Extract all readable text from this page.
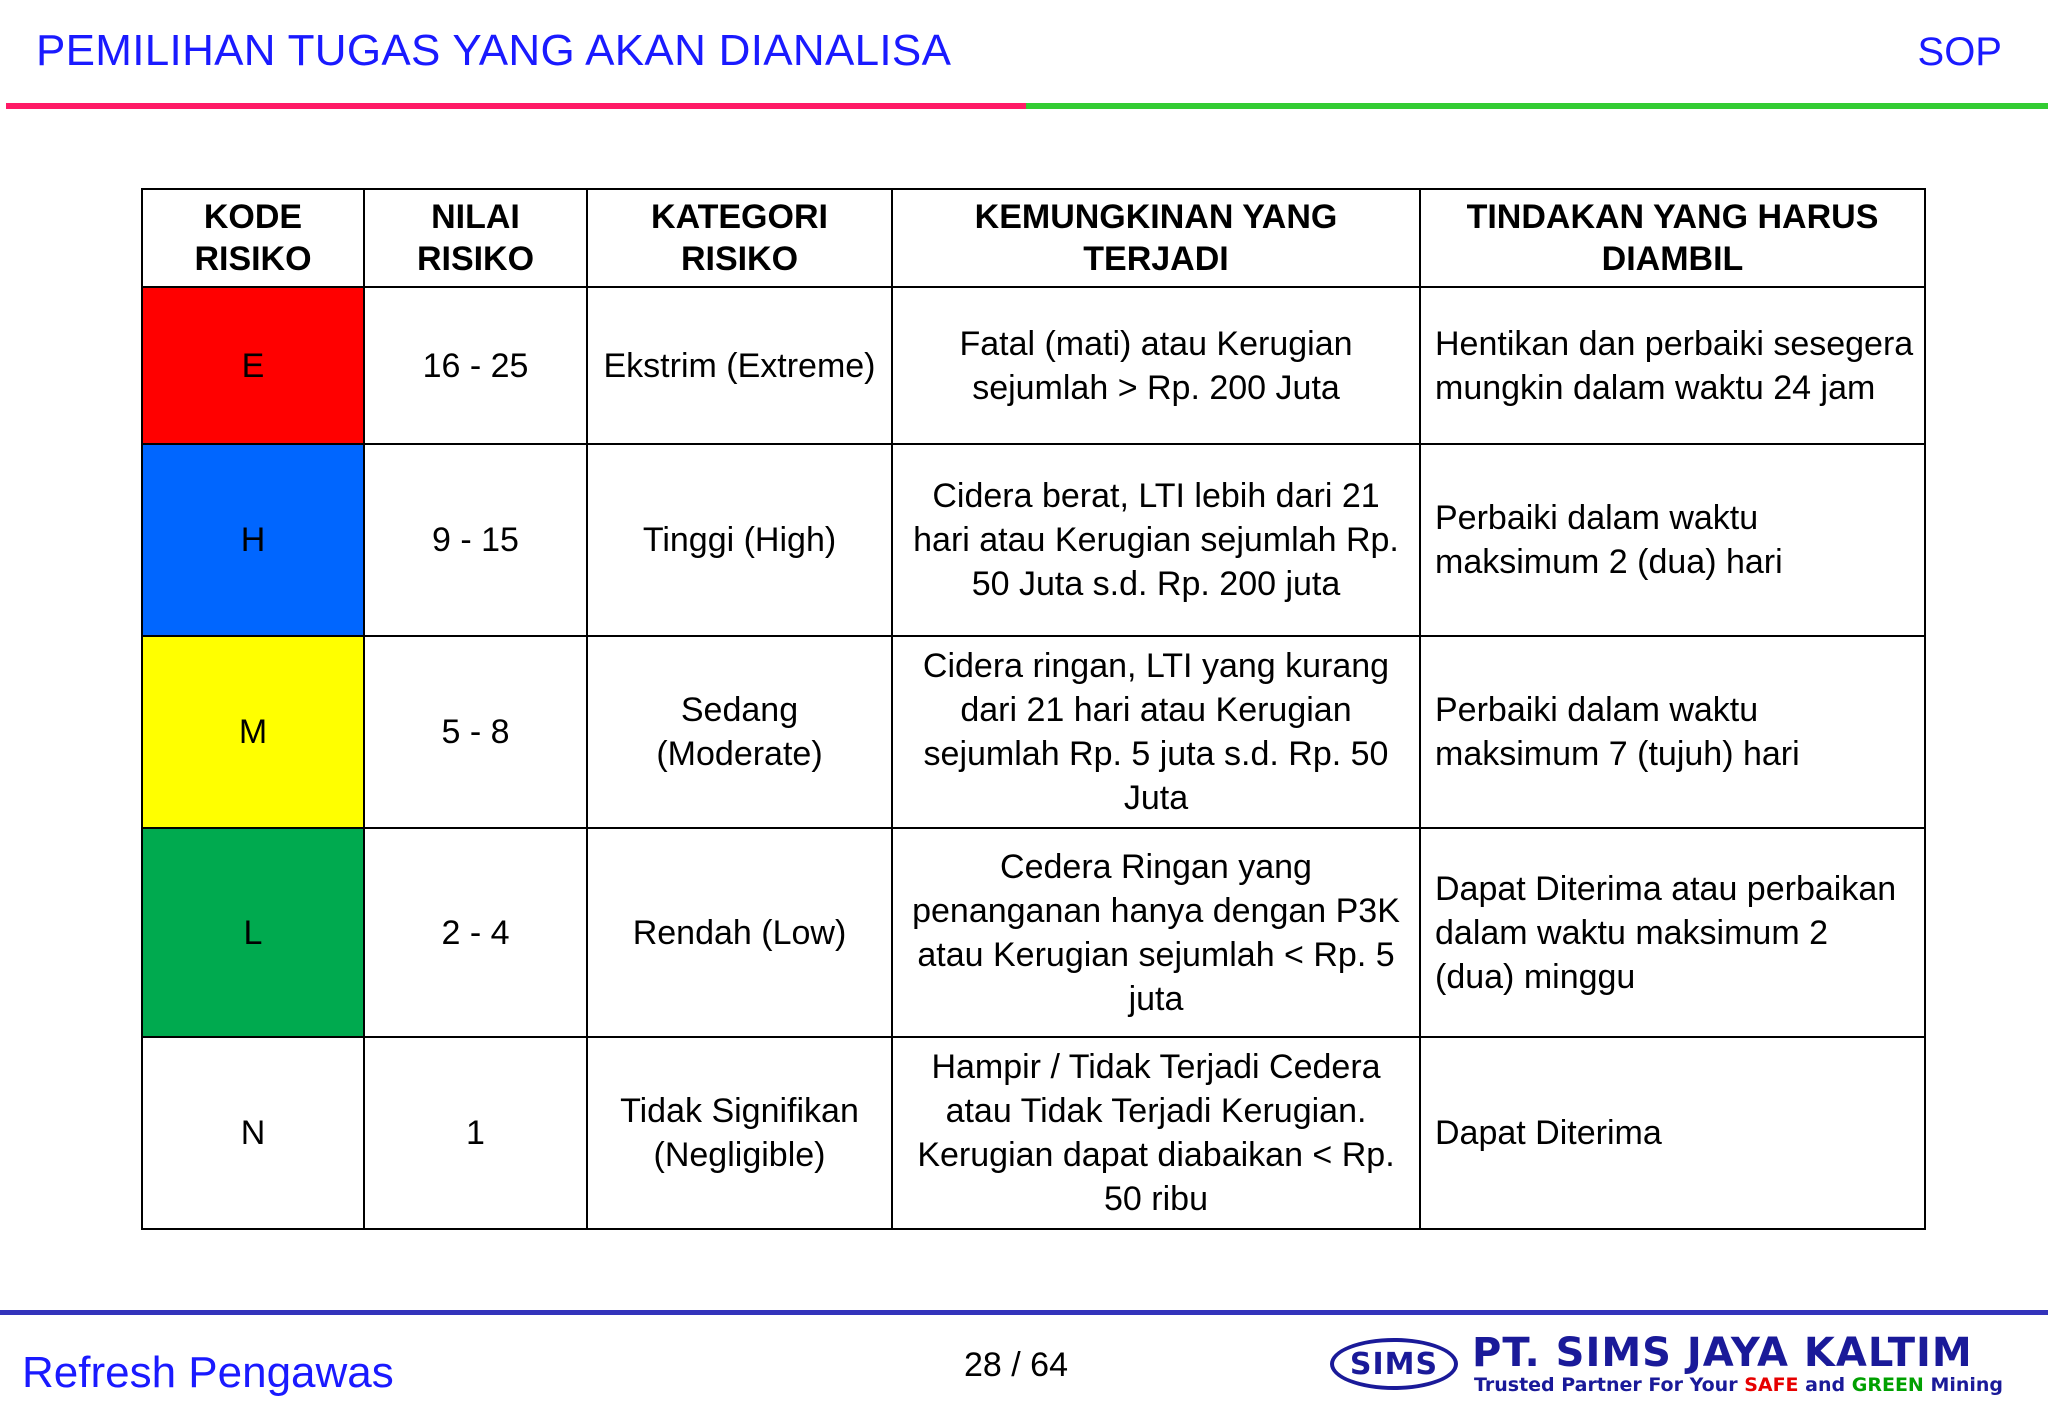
PEMILIHAN TUGAS YANG AKAN DIANALISA	SOP
KODE RISIKO	NILAI RISIKO	KATEGORI RISIKO	KEMUNGKINAN YANG TERJADI	TINDAKAN YANG HARUS DIAMBIL
E	16 - 25	Ekstrim (Extreme)	Fatal (mati) atau Kerugian sejumlah > Rp. 200 Juta	Hentikan dan perbaiki sesegera mungkin dalam waktu 24 jam
H	9 - 15	Tinggi (High)	Cidera berat, LTI lebih dari 21 hari atau Kerugian sejumlah Rp. 50 Juta s.d. Rp. 200 juta	Perbaiki dalam waktu maksimum 2 (dua) hari
M	5 - 8	Sedang (Moderate)	Cidera ringan, LTI yang kurang dari 21 hari atau Kerugian sejumlah Rp. 5 juta s.d. Rp. 50 Juta	Perbaiki dalam waktu maksimum 7 (tujuh) hari
L	2 - 4	Rendah (Low)	Cedera Ringan yang penanganan hanya dengan P3K atau Kerugian sejumlah < Rp. 5 juta	Dapat Diterima atau perbaikan dalam waktu maksimum 2 (dua) minggu
N	1	Tidak Signifikan (Negligible)	Hampir / Tidak Terjadi Cedera atau Tidak Terjadi Kerugian. Kerugian dapat diabaikan < Rp. 50 ribu	Dapat Diterima
Refresh Pengawas	28 / 64	SIMS PT. SIMS JAYA KALTIM
Trusted Partner For Your SAFE and GREEN Mining
